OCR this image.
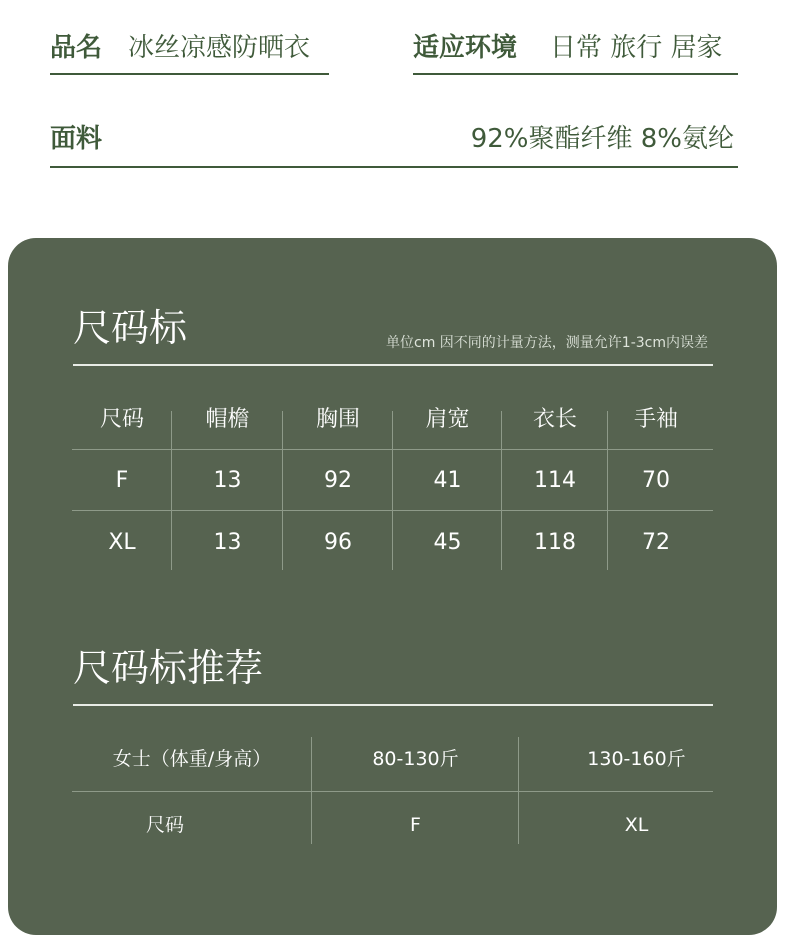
品名 冰丝凉感防晒衣	适应环境 日常 旅行 居家
面料	92%聚酯纤维 8%氨纶
尺码标	单位cm 因不同的计量方法，测量允许1-3cm内误差
尺码	帽檐	胸围	肩宽	衣长	手袖
F	13	92	41	114	70
XL	13	96	45	118	72
尺码标推荐
女士（体重/身高）	80-130斤	130-160斤
尺码	F	XL
